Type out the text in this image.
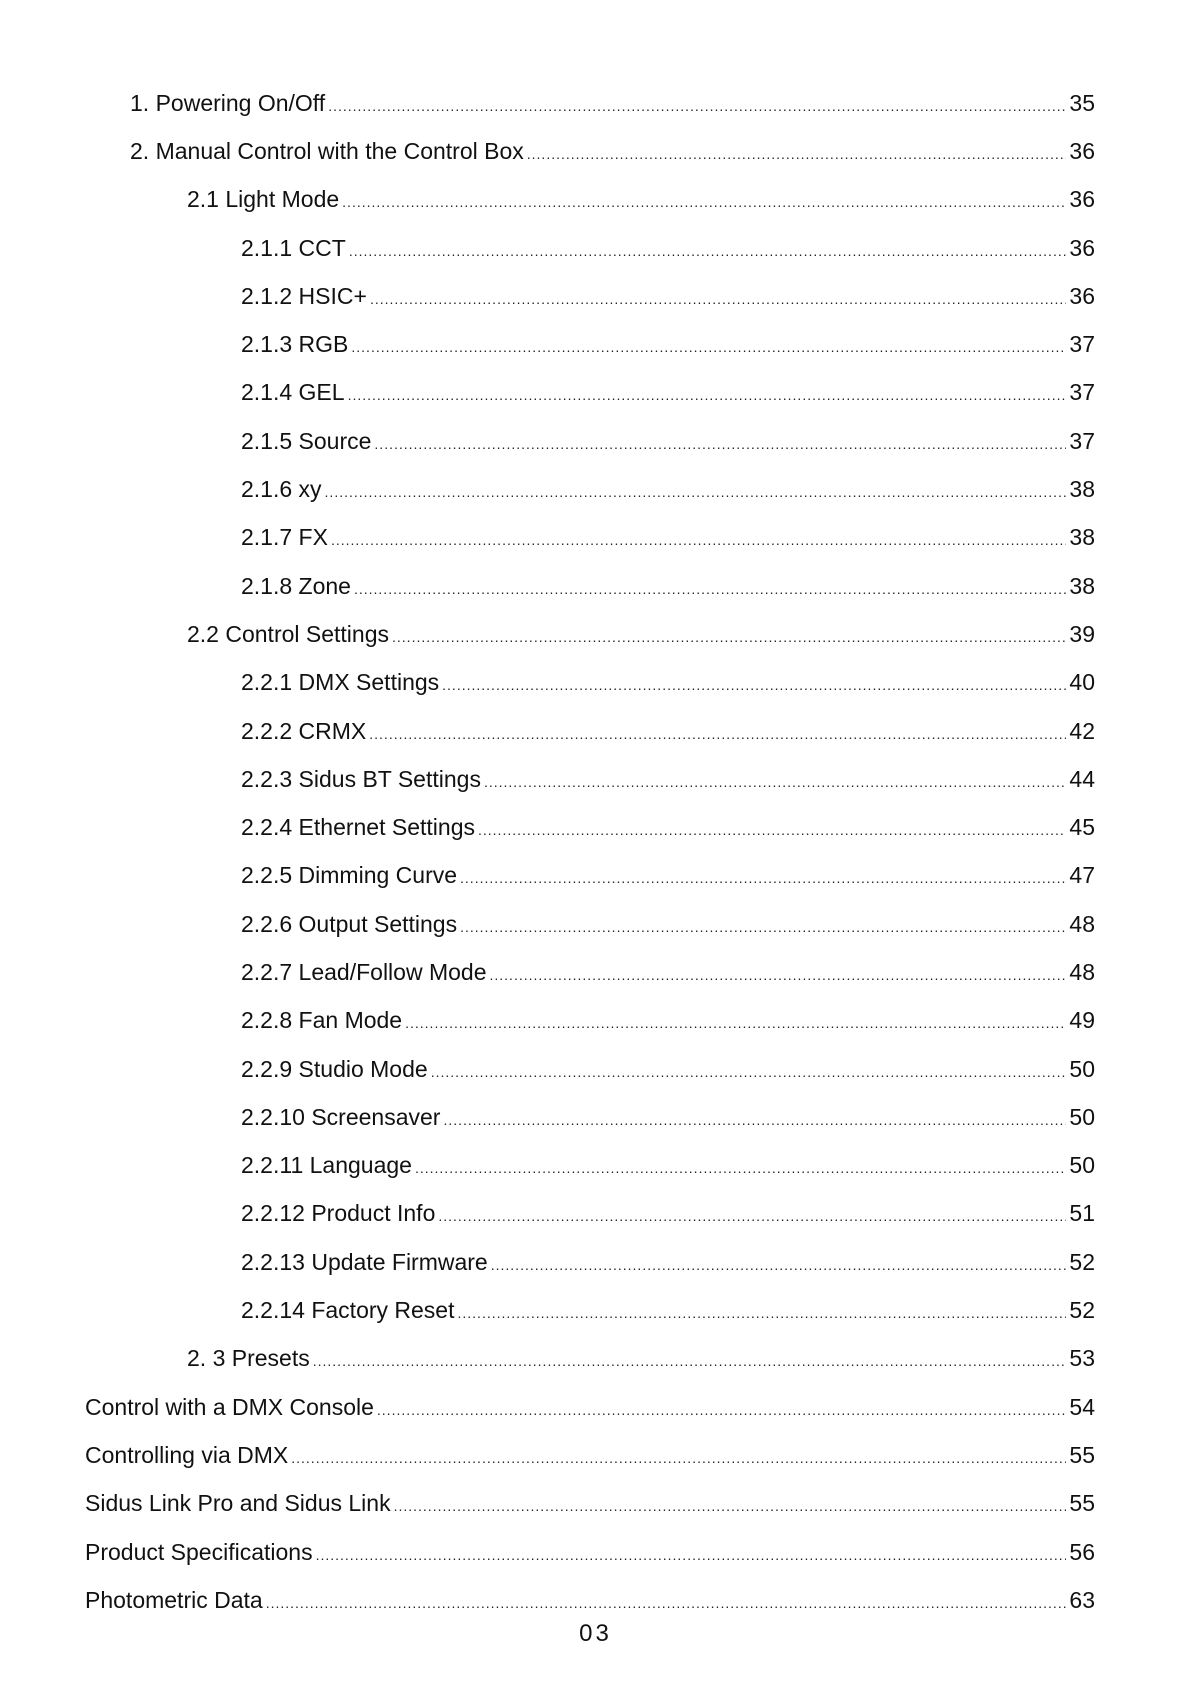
1. Powering On/Off .....	35
2. Manual Control with the Control Box .....	36
2.1 Light Mode .....	36
2.1.1 CCT .....	36
2.1.2 HSIC+ .....	36
2.1.3 RGB .....	37
2.1.4 GEL .....	37
2.1.5 Source .....	37
2.1.6 xy .....	38
2.1.7 FX .....	38
2.1.8 Zone .....	38
2.2 Control Settings .....	39
2.2.1 DMX Settings .....	40
2.2.2 CRMX .....	42
2.2.3 Sidus BT Settings .....	44
2.2.4 Ethernet Settings .....	45
2.2.5 Dimming Curve .....	47
2.2.6 Output Settings .....	48
2.2.7 Lead/Follow Mode .....	48
2.2.8 Fan Mode .....	49
2.2.9 Studio Mode .....	50
2.2.10 Screensaver .....	50
2.2.11 Language .....	50
2.2.12 Product Info .....	51
2.2.13 Update Firmware .....	52
2.2.14 Factory Reset .....	52
2. 3 Presets .....	53
Control with a DMX Console .....	54
Controlling via DMX .....	55
Sidus Link Pro and Sidus Link .....	55
Product Specifications .....	56
Photometric Data .....	63
03
